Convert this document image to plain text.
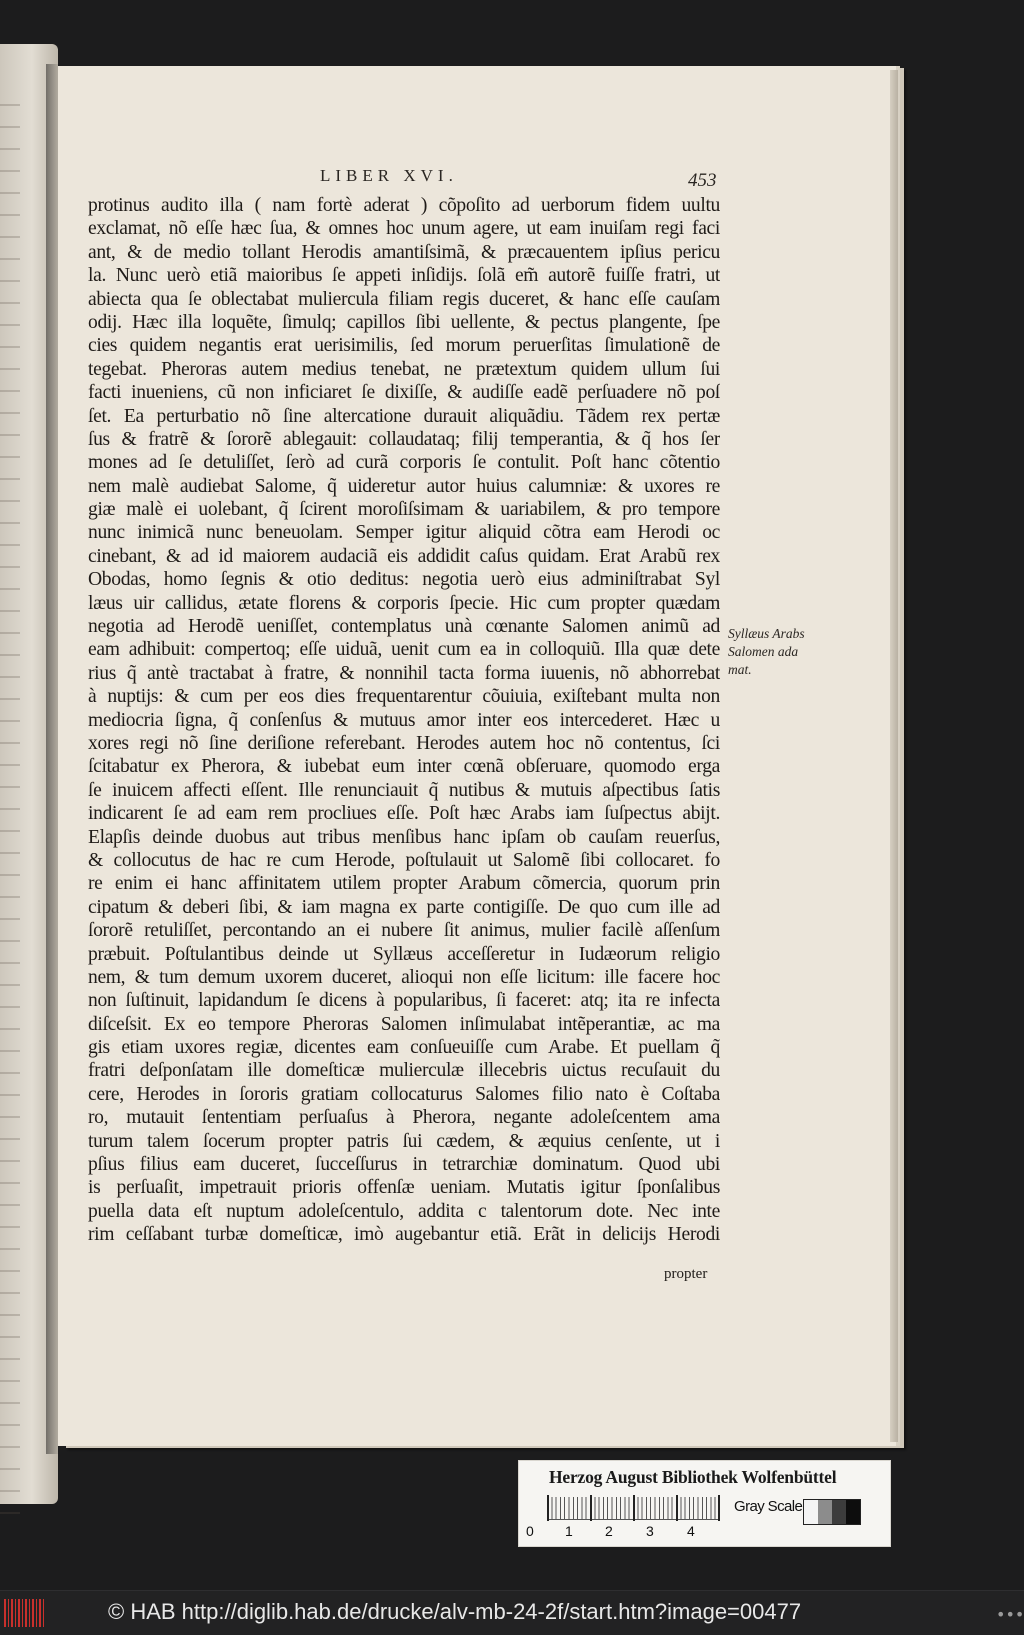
LIBER XVI.	453
protinus audito illa ( nam fortè aderat ) cõpoſito ad uerborum fidem uultu
exclamat, nõ eſſe hæc ſua, & omnes hoc unum agere, ut eam inuiſam regi faci
ant, & de medio tollant Herodis amantiſsimã, & præcauentem ipſius pericu
la. Nunc uerò etiã maioribus ſe appeti inſidijs. ſolã em̃ autorẽ fuiſſe fratri, ut
abiecta qua ſe oblectabat muliercula filiam regis duceret, & hanc eſſe cauſam
odij. Hæc illa loquẽte, ſimulq; capillos ſibi uellente, & pectus plangente, ſpe
cies quidem negantis erat uerisimilis, ſed morum peruerſitas ſimulationẽ de
tegebat. Pheroras autem medius tenebat, ne prætextum quidem ullum ſui
facti inueniens, cũ non inficiaret ſe dixiſſe, & audiſſe eadẽ perſuadere nõ poſ
ſet. Ea perturbatio nõ ſine altercatione durauit aliquãdiu. Tãdem rex pertæ
ſus & fratrẽ & ſororẽ ablegauit: collaudataq; filij temperantia, & q̃ hos ſer
mones ad ſe detuliſſet, ſerò ad curã corporis ſe contulit. Poſt hanc cõtentio
nem malè audiebat Salome, q̃ uideretur autor huius calumniæ: & uxores re
giæ malè ei uolebant, q̃ ſcirent moroſiſsimam & uariabilem, & pro tempore
nunc inimicã nunc beneuolam. Semper igitur aliquid cõtra eam Herodi oc
cinebant, & ad id maiorem audaciã eis addidit caſus quidam. Erat Arabũ rex
Obodas, homo ſegnis & otio deditus: negotia uerò eius adminiſtrabat Syl
læus uir callidus, ætate florens & corporis ſpecie. Hic cum propter quædam
negotia ad Herodẽ ueniſſet, contemplatus unà cœnante Salomen animũ ad
eam adhibuit: compertoq; eſſe uiduã, uenit cum ea in colloquiũ. Illa quæ dete
rius q̃ antè tractabat à fratre, & nonnihil tacta forma iuuenis, nõ abhorrebat
à nuptijs: & cum per eos dies frequentarentur cõuiuia, exiſtebant multa non
mediocria ſigna, q̃ conſenſus & mutuus amor inter eos intercederet. Hæc u
xores regi nõ ſine deriſione referebant. Herodes autem hoc nõ contentus, ſci
ſcitabatur ex Pherora, & iubebat eum inter cœnã obſeruare, quomodo erga
ſe inuicem affecti eſſent. Ille renunciauit q̃ nutibus & mutuis aſpectibus ſatis
indicarent ſe ad eam rem procliues eſſe. Poſt hæc Arabs iam ſuſpectus abijt.
Elapſis deinde duobus aut tribus menſibus hanc ipſam ob cauſam reuerſus,
& collocutus de hac re cum Herode, poſtulauit ut Salomẽ ſibi collocaret. fo
re enim ei hanc affinitatem utilem propter Arabum cõmercia, quorum prin
cipatum & deberi ſibi, & iam magna ex parte contigiſſe. De quo cum ille ad
ſororẽ retuliſſet, percontando an ei nubere ſit animus, mulier facilè aſſenſum
præbuit. Poſtulantibus deinde ut Syllæus acceſſeretur in Iudæorum religio
nem, & tum demum uxorem duceret, alioqui non eſſe licitum: ille facere hoc
non ſuſtinuit, lapidandum ſe dicens à popularibus, ſi faceret: atq; ita re infecta
diſceſsit. Ex eo tempore Pheroras Salomen inſimulabat intẽperantiæ, ac ma
gis etiam uxores regiæ, dicentes eam conſueuiſſe cum Arabe. Et puellam q̃
fratri deſponſatam ille domeſticæ mulierculæ illecebris uictus recuſauit du
cere, Herodes in ſororis gratiam collocaturus Salomes filio nato è Coſtaba
ro, mutauit ſententiam perſuaſus à Pherora, negante adoleſcentem ama
turum talem ſocerum propter patris ſui cædem, & æquius cenſente, ut i
pſius filius eam duceret, ſucceſſurus in tetrarchiæ dominatum. Quod ubi
is perſuaſit, impetrauit prioris offenſæ ueniam. Mutatis igitur ſponſalibus
puella data eſt nuptum adoleſcentulo, addita c talentorum dote. Nec inte
rim ceſſabant turbæ domeſticæ, imò augebantur etiã. Erãt in delicijs Herodi
propter
Syllæus Arabs
Salomen ada
mat.
Herzog August Bibliothek Wolfenbüttel
0 1 2 3 4
Gray Scale
© HAB http://diglib.hab.de/drucke/alv-mb-24-2f/start.htm?image=00477	•••
